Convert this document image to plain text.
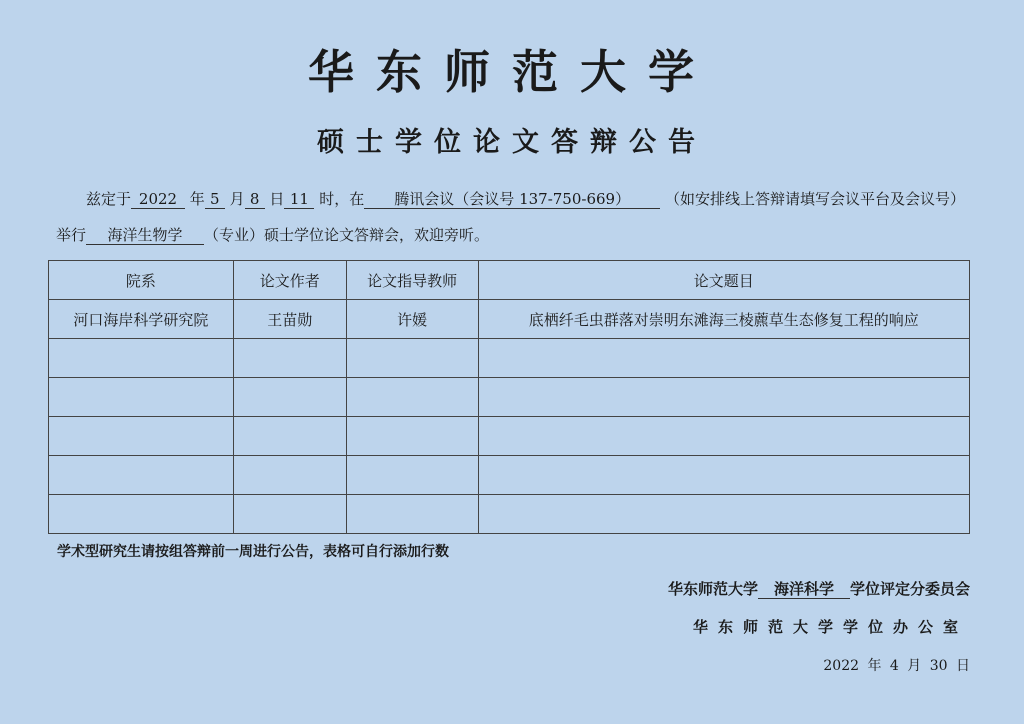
华东师范大学
硕士学位论文答辩公告
兹定于 2022 年 5 月 8 日 11 时，在 腾讯会议（会议号 137-750-669） （如安排线上答辩请填写会议平台及会议号）举行 海洋生物学 （专业）硕士学位论文答辩会，欢迎旁听。
院系	论文作者	论文指导教师	论文题目
河口海岸科学研究院	王苗勋	许媛	底栖纤毛虫群落对崇明东滩海三棱藨草生态修复工程的响应

学术型研究生请按组答辩前一周进行公告，表格可自行添加行数
华东师范大学 海洋科学 学位评定分委员会
华东师范大学学位办公室
2022 年 4 月 30 日
